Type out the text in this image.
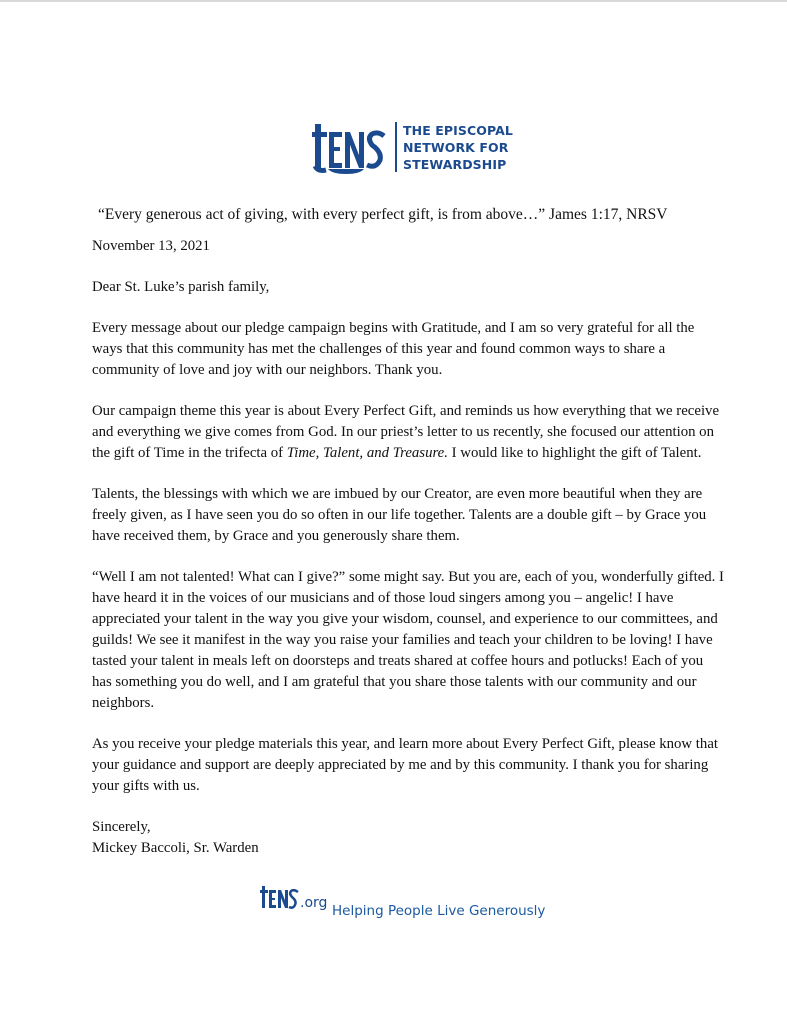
THE EPISCOPAL
NETWORK FOR
STEWARDSHIP

“Every generous act of giving, with every perfect gift, is from above…” James 1:17, NRSV

November 13, 2021

Dear St. Luke’s parish family,

Every message about our pledge campaign begins with Gratitude, and I am so very grateful for all the ways that this community has met the challenges of this year and found common ways to share a community of love and joy with our neighbors. Thank you.

Our campaign theme this year is about Every Perfect Gift, and reminds us how everything that we receive and everything we give comes from God. In our priest’s letter to us recently, she focused our attention on the gift of Time in the trifecta of Time, Talent, and Treasure. I would like to highlight the gift of Talent.

Talents, the blessings with which we are imbued by our Creator, are even more beautiful when they are freely given, as I have seen you do so often in our life together. Talents are a double gift – by Grace you have received them, by Grace and you generously share them.

“Well I am not talented! What can I give?” some might say. But you are, each of you, wonderfully gifted. I have heard it in the voices of our musicians and of those loud singers among you – angelic! I have appreciated your talent in the way you give your wisdom, counsel, and experience to our committees, and guilds! We see it manifest in the way you raise your families and teach your children to be loving! I have tasted your talent in meals left on doorsteps and treats shared at coffee hours and potlucks! Each of you has something you do well, and I am grateful that you share those talents with our community and our neighbors.

As you receive your pledge materials this year, and learn more about Every Perfect Gift, please know that your guidance and support are deeply appreciated by me and by this community. I thank you for sharing your gifts with us.

Sincerely,

Mickey Baccoli, Sr. Warden

.org Helping People Live Generously
